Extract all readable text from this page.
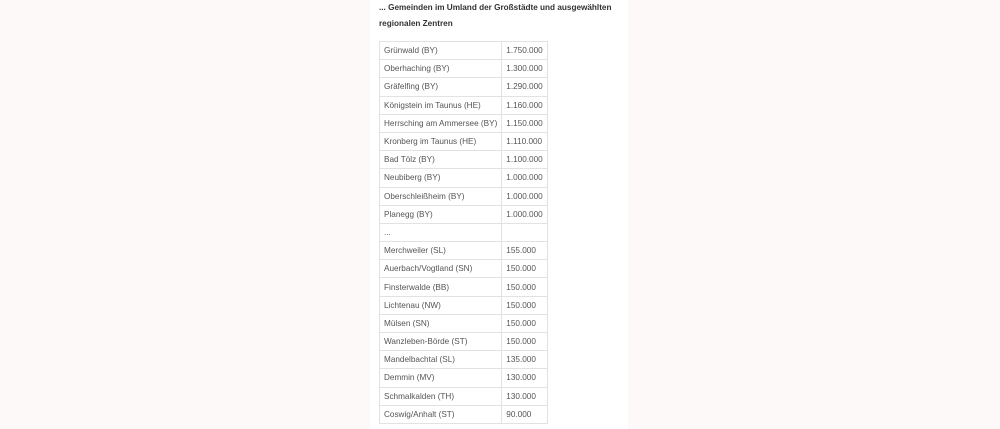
... Gemeinden im Umland der Großstädte und ausgewählten regionalen Zentren

Grünwald (BY)	1.750.000
Oberhaching (BY)	1.300.000
Gräfelfing (BY)	1.290.000
Königstein im Taunus (HE)	1.160.000
Herrsching am Ammersee (BY)	1.150.000
Kronberg im Taunus (HE)	1.110.000
Bad Tölz (BY)	1.100.000
Neubiberg (BY)	1.000.000
Oberschleißheim (BY)	1.000.000
Planegg (BY)	1.000.000
...	
Merchweiler (SL)	155.000
Auerbach/Vogtland (SN)	150.000
Finsterwalde (BB)	150.000
Lichtenau (NW)	150.000
Mülsen (SN)	150.000
Wanzleben-Börde (ST)	150.000
Mandelbachtal (SL)	135.000
Demmin (MV)	130.000
Schmalkalden (TH)	130.000
Coswig/Anhalt (ST)	90.000
